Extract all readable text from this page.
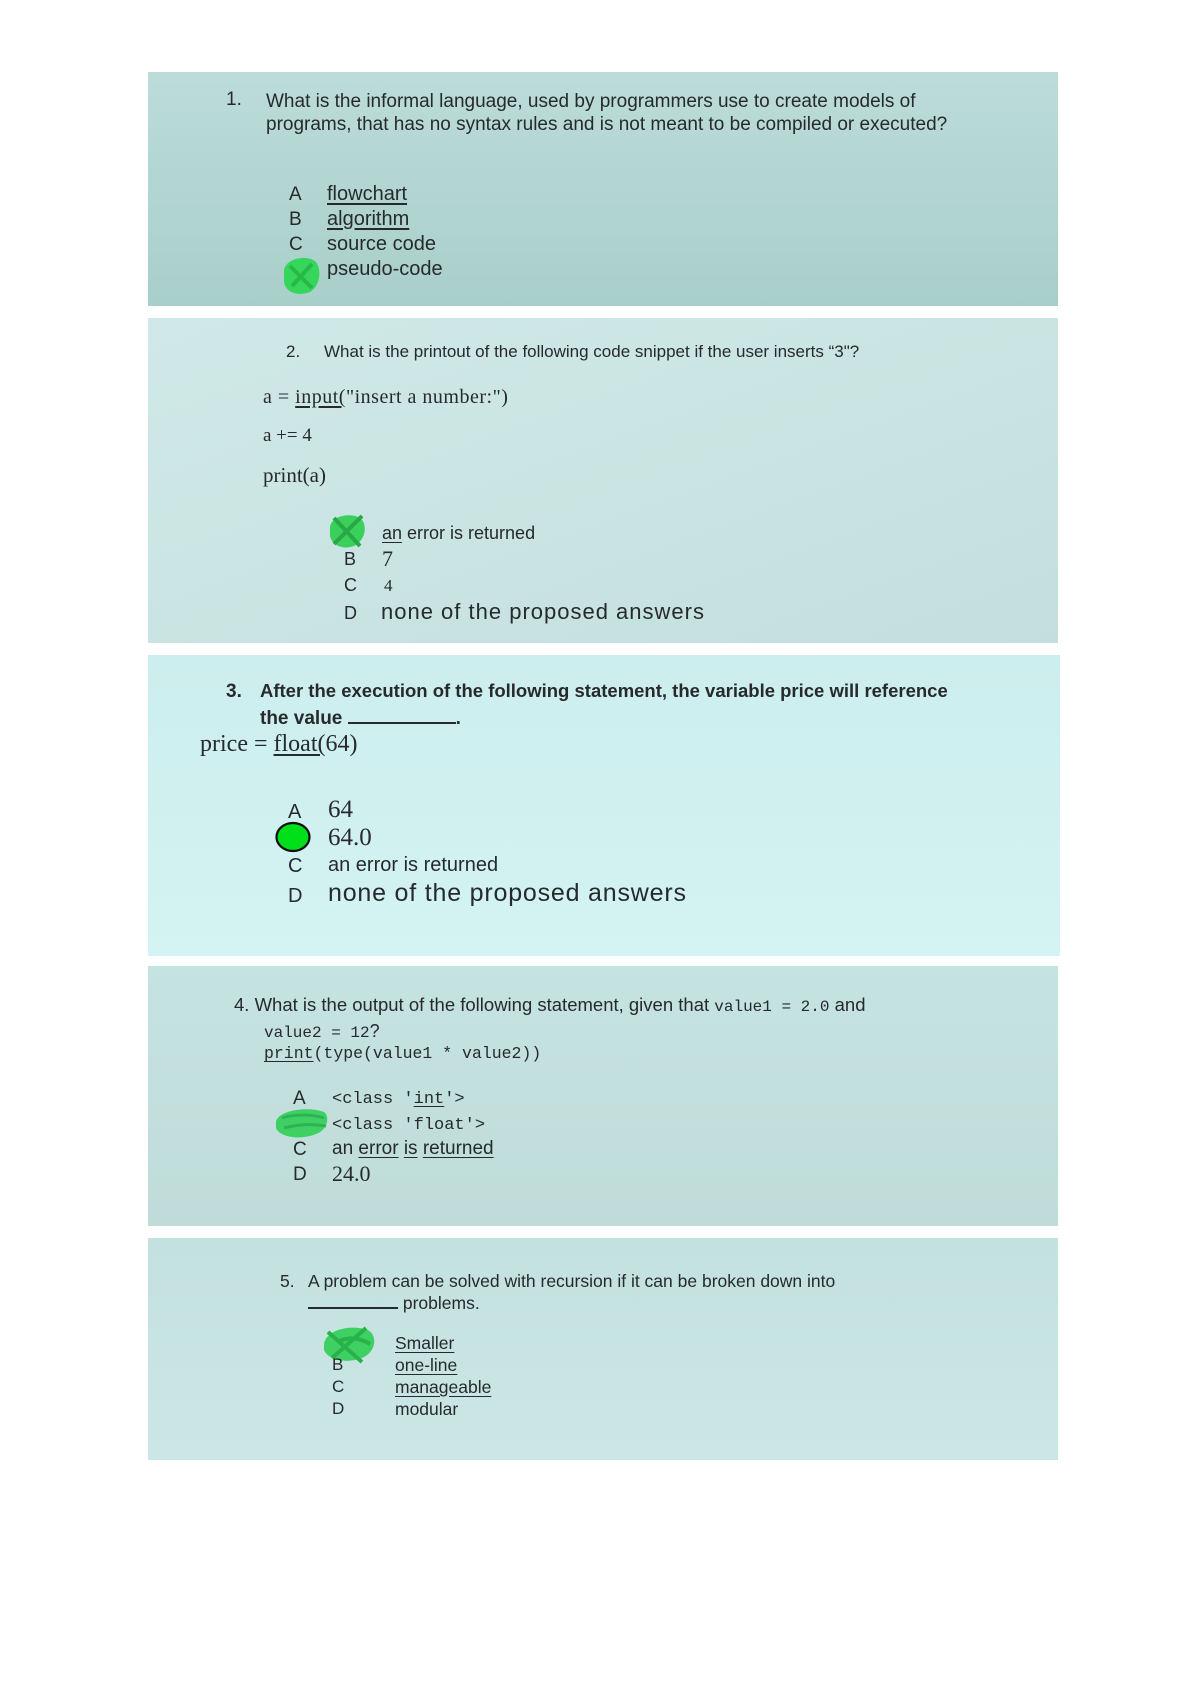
1. What is the informal language, used by programmers use to create models of programs, that has no syntax rules and is not meant to be compiled or executed?
A flowchart
B algorithm
C source code
pseudo-code
2. What is the printout of the following code snippet if the user inserts “3"?
a = input("insert a number:")
a += 4
print(a)
an error is returned
B 7
C 4
D none of the proposed answers
3. After the execution of the following statement, the variable price will reference
the value	.
price = float(64)
A 64
64.0
C an error is returned
D none of the proposed answers
4. What is the output of the following statement, given that value1 = 2.0 and
value2 = 12?
print(type(value1 * value2))
A <class 'int'>
<class 'float'>
C an error is returned
D 24.0
5. A problem can be solved with recursion if it can be broken down into
problems.
Smaller
B	one-line
C	manageable
D	modular
